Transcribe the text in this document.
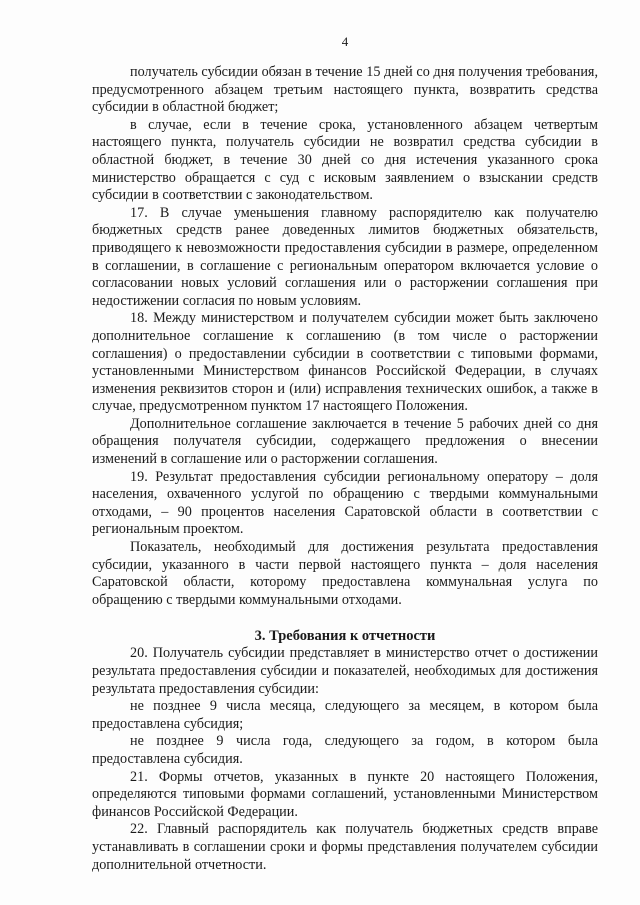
4

получатель субсидии обязан в течение 15 дней со дня получения требования, предусмотренного абзацем третьим настоящего пункта, возвратить средства субсидии в областной бюджет;

в случае, если в течение срока, установленного абзацем четвертым настоящего пункта, получатель субсидии не возвратил средства субсидии в областной бюджет, в течение 30 дней со дня истечения указанного срока министерство обращается с суд с исковым заявлением о взыскании средств субсидии в соответствии с законодательством.

17. В случае уменьшения главному распорядителю как получателю бюджетных средств ранее доведенных лимитов бюджетных обязательств, приводящего к невозможности предоставления субсидии в размере, определенном в соглашении, в соглашение с региональным оператором включается условие о согласовании новых условий соглашения или о расторжении соглашения при недостижении согласия по новым условиям.

18. Между министерством и получателем субсидии может быть заключено дополнительное соглашение к соглашению (в том числе о расторжении соглашения) о предоставлении субсидии в соответствии с типовыми формами, установленными Министерством финансов Российской Федерации, в случаях изменения реквизитов сторон и (или) исправления технических ошибок, а также в случае, предусмотренном пунктом 17 настоящего Положения.

Дополнительное соглашение заключается в течение 5 рабочих дней со дня обращения получателя субсидии, содержащего предложения о внесении изменений в соглашение или о расторжении соглашения.

19. Результат предоставления субсидии региональному оператору – доля населения, охваченного услугой по обращению с твердыми коммунальными отходами, – 90 процентов населения Саратовской области в соответствии с региональным проектом.

Показатель, необходимый для достижения результата предоставления субсидии, указанного в части первой настоящего пункта – доля населения Саратовской области, которому предоставлена коммунальная услуга по обращению с твердыми коммунальными отходами.

3. Требования к отчетности

20. Получатель субсидии представляет в министерство отчет о достижении результата предоставления субсидии и показателей, необходимых для достижения результата предоставления субсидии:

не позднее 9 числа месяца, следующего за месяцем, в котором была предоставлена субсидия;

не позднее 9 числа года, следующего за годом, в котором была предоставлена субсидия.

21. Формы отчетов, указанных в пункте 20 настоящего Положения, определяются типовыми формами соглашений, установленными Министерством финансов Российской Федерации.

22. Главный распорядитель как получатель бюджетных средств вправе устанавливать в соглашении сроки и формы представления получателем субсидии дополнительной отчетности.
